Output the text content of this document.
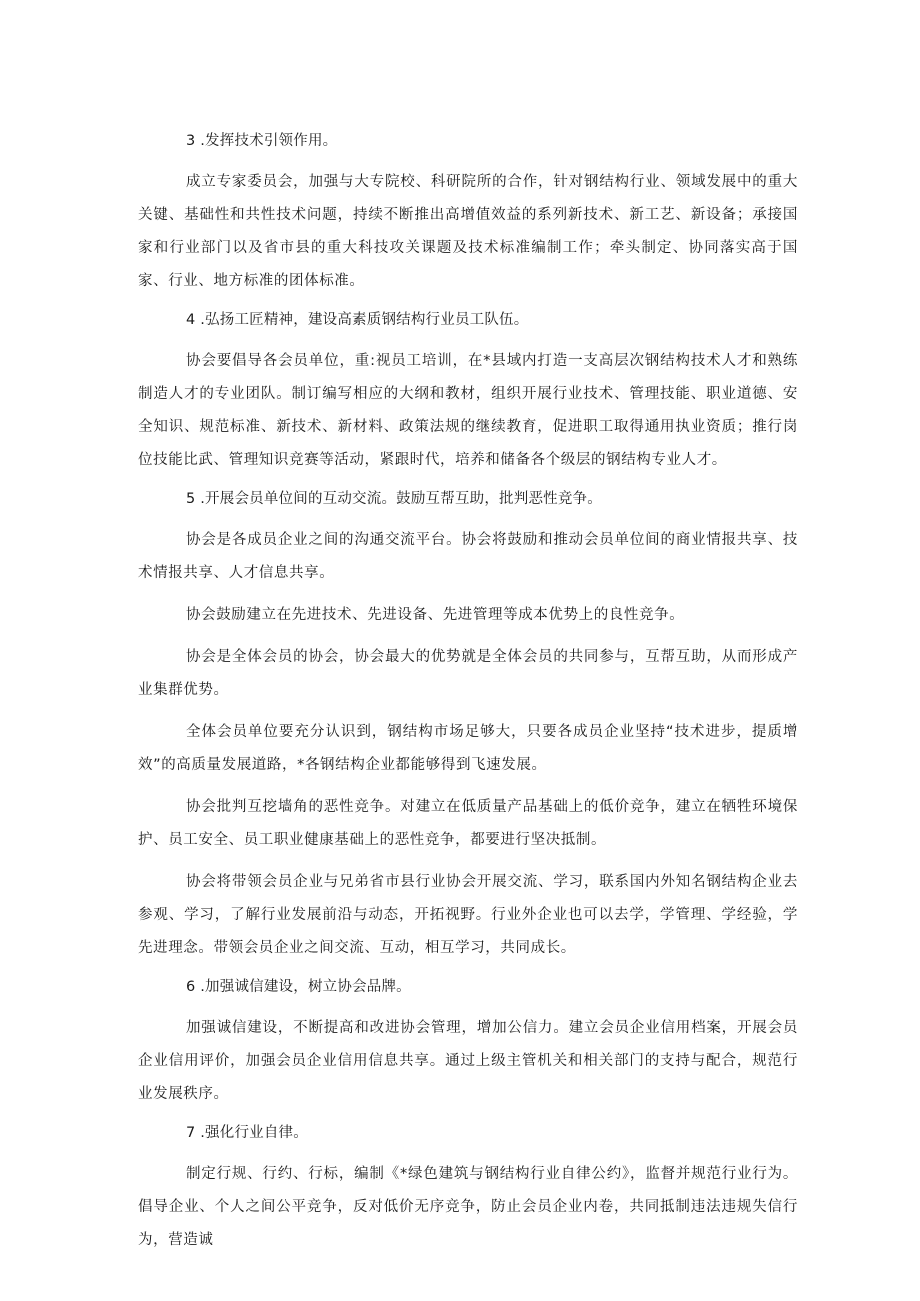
3 .发挥技术引领作用。
成立专家委员会，加强与大专院校、科研院所的合作，针对钢结构行业、领域发展中的重大关键、基础性和共性技术问题，持续不断推出高增值效益的系列新技术、新工艺、新设备；承接国家和行业部门以及省市县的重大科技攻关课题及技术标准编制工作；牵头制定、协同落实高于国家、行业、地方标准的团体标准。
4 .弘扬工匠精神，建设高素质钢结构行业员工队伍。
协会要倡导各会员单位，重:视员工培训，在*县域内打造一支高层次钢结构技术人才和熟练制造人才的专业团队。制订编写相应的大纲和教材，组织开展行业技术、管理技能、职业道德、安全知识、规范标准、新技术、新材料、政策法规的继续教育，促进职工取得通用执业资质；推行岗位技能比武、管理知识竞赛等活动，紧跟时代，培养和储备各个级层的钢结构专业人才。
5 .开展会员单位间的互动交流。鼓励互帮互助，批判恶性竞争。
协会是各成员企业之间的沟通交流平台。协会将鼓励和推动会员单位间的商业情报共享、技术情报共享、人才信息共享。
协会鼓励建立在先进技术、先进设备、先进管理等成本优势上的良性竞争。
协会是全体会员的协会，协会最大的优势就是全体会员的共同参与，互帮互助，从而形成产业集群优势。
全体会员单位要充分认识到，钢结构市场足够大，只要各成员企业坚持“技术进步，提质增效”的高质量发展道路，*各钢结构企业都能够得到飞速发展。
协会批判互挖墙角的恶性竞争。对建立在低质量产品基础上的低价竞争，建立在牺牲环境保护、员工安全、员工职业健康基础上的恶性竞争，都要进行坚决抵制。
协会将带领会员企业与兄弟省市县行业协会开展交流、学习，联系国内外知名钢结构企业去参观、学习，了解行业发展前沿与动态，开拓视野。行业外企业也可以去学，学管理、学经验，学先进理念。带领会员企业之间交流、互动，相互学习，共同成长。
6 .加强诚信建设，树立协会品牌。
加强诚信建设，不断提高和改进协会管理，增加公信力。建立会员企业信用档案，开展会员企业信用评价，加强会员企业信用信息共享。通过上级主管机关和相关部门的支持与配合，规范行业发展秩序。
7 .强化行业自律。
制定行规、行约、行标，编制《*绿色建筑与钢结构行业自律公约》，监督并规范行业行为。倡导企业、个人之间公平竞争，反对低价无序竞争，防止会员企业内卷，共同抵制违法违规失信行为，营造诚
